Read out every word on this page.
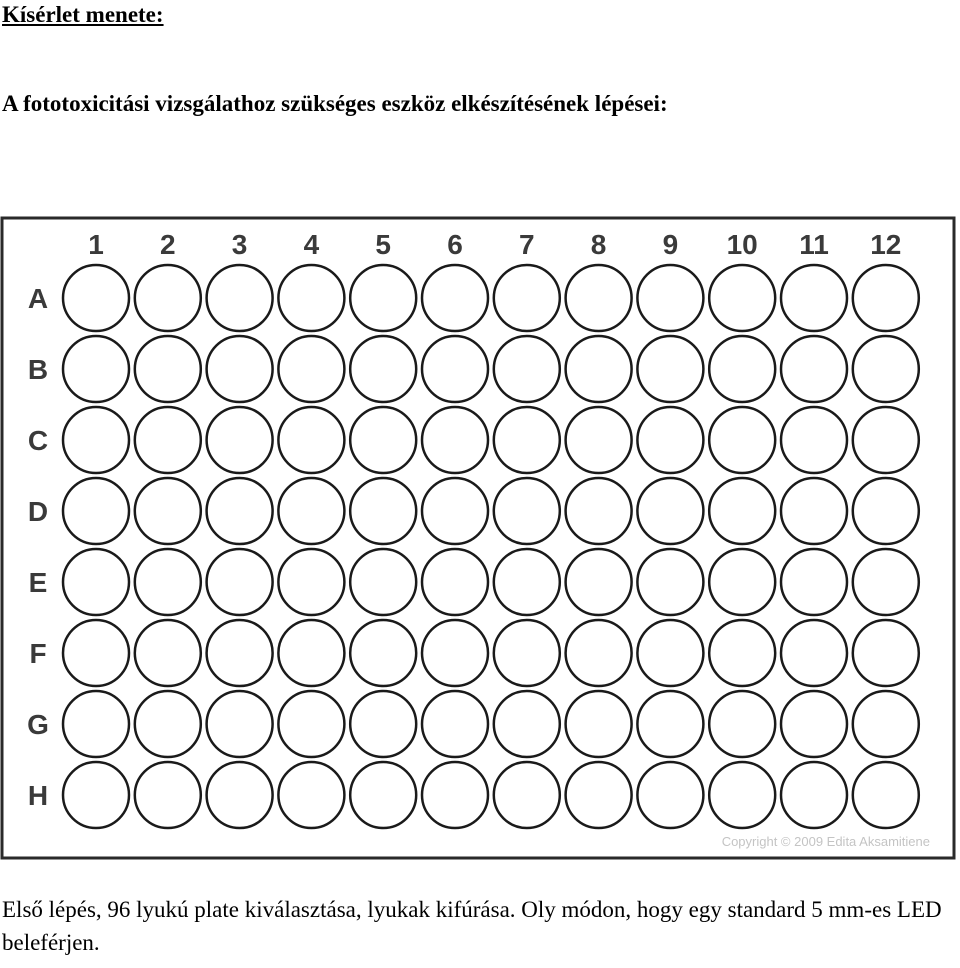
Kísérlet menete:
A fototoxicitási vizsgálathoz szükséges eszköz elkészítésének lépései:
1 2 3 4 5 6 7 8 9 10 11 12
A
B
C
D
E
F
G
H
Copyright © 2009 Edita Aksamitiene

Első lépés, 96 lyukú plate kiválasztása, lyukak kifúrása. Oly módon, hogy egy standard 5 mm-es LED beleférjen.
